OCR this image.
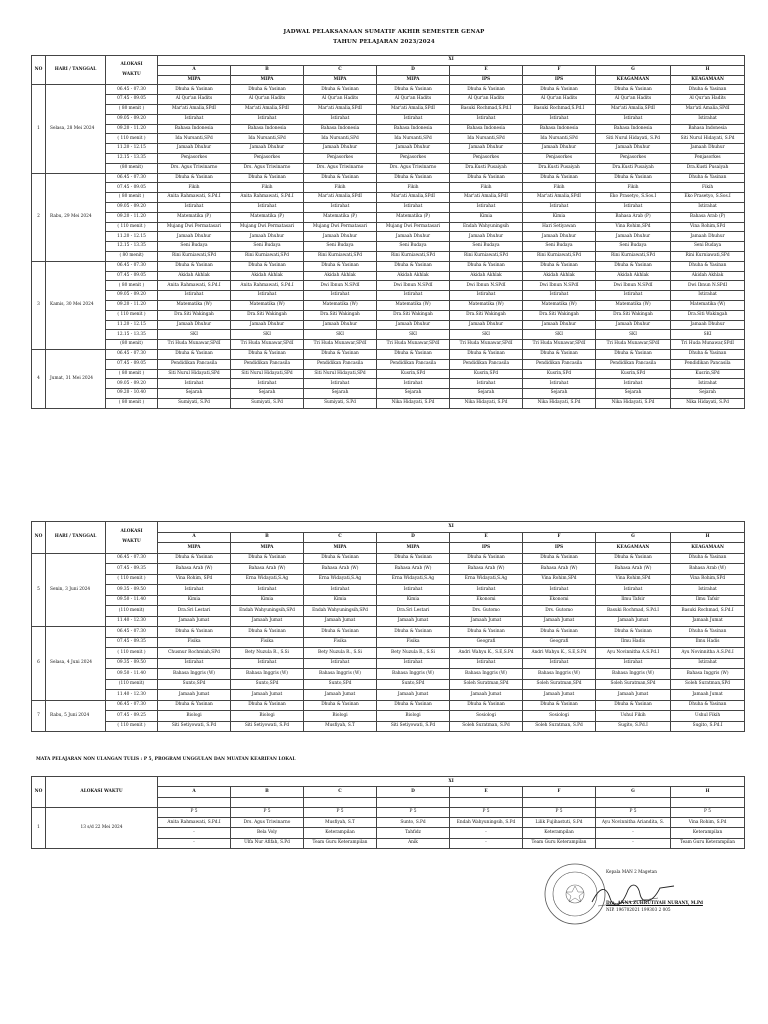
JADWAL PELAKSANAAN SUMATIF AKHIR SEMESTER GENAP
TAHUN PELAJARAN 2023/2024
NO	HARI / TANGGAL	ALOKASI
WAKTU	XI							
			A	B	C	D	E	F	G	H
			MIPA	MIPA	MIPA	MIPA	IPS	IPS	KEAGAMAAN	KEAGAMAAN
1	Selasa, 28 Mei 2024	06.45 - 07.30	Dhuha & Yasinan	Dhuha & Yasinan	Dhuha & Yasinan	Dhuha & Yasinan	Dhuha & Yasinan	Dhuha & Yasinan	Dhuha & Yasinan	Dhuha & Yasinan
		07.45 - 09.05	Al Qur'an Hadits	Al Qur'an Hadits	Al Qur'an Hadits	Al Qur'an Hadits	Al Qur'an Hadits	Al Qur'an Hadits	Al Qur'an Hadits	Al Qur'an Hadits
		( 80 menit )	Mar'ati Amalia,SPdI	Mar'ati Amalia,SPdI	Mar'ati Amalia,SPdI	Mar'ati Amalia,SPdI	Basuki Rochmad,S.Pd.I	Basuki Rochmad,S.Pd.I	Mar'ati Amalia,SPdI	Mar'ati Amalia,SPdI
		09.05 - 09.20	Istirahat	Istirahat	Istirahat	Istirahat	Istirahat	Istirahat	Istirahat	Istirahat
		09.20 - 11.20	Bahasa Indonesia	Bahasa Indonesia	Bahasa Indonesia	Bahasa Indonesia	Bahasa Indonesia	Bahasa Indonesia	Bahasa Indonesia	Bahasa Indonesia
		( 110 menit )	Ida Nursanti,SPd	Ida Nursanti,SPd	Ida Nursanti,SPd	Ida Nursanti,SPd	Ida Nursanti,SPd	Ida Nursanti,SPd	Siti Nurul Hidayati, S.Pd	Siti Nurul Hidayati, S.Pd
		11.20 - 12.15	Jamaah Dhuhur	Jamaah Dhuhur	Jamaah Dhuhur	Jamaah Dhuhur	Jamaah Dhuhur	Jamaah Dhuhur	Jamaah Dhuhur	Jamaah Dhuhur
		12.15 - 13.35	Penjasorkes	Penjasorkes	Penjasorkes	Penjasorkes	Penjasorkes	Penjasorkes	Penjasorkes	Penjasorkes
		(80 menit)	Drs. Agus Triwinarno	Drs. Agus Triwinarno	Drs. Agus Triwinarno	Drs. Agus Triwinarno	Dra.Kusti Pusaiyah	Dra.Kusti Pusaiyah	Dra.Kusti Pusaiyah	Dra.Kusti Pusaiyah
2	Rabu, 29 Mei 2024	06.45 - 07.30	Dhuha & Yasinan	Dhuha & Yasinan	Dhuha & Yasinan	Dhuha & Yasinan	Dhuha & Yasinan	Dhuha & Yasinan	Dhuha & Yasinan	Dhuha & Yasinan
		07.45 - 09.05	Fikih	Fikih	Fikih	Fikih	Fikih	Fikih	Fikih	Fikih
		( 80 menit )	Anita Rahmawati, S.Pd.I	Anita Rahmawati, S.Pd.I	Mar'ati Amalia,SPdI	Mar'ati Amalia,SPdI	Mar'ati Amalia,SPdI	Mar'ati Amalia,SPdI	Eko Prasetyo, S.Sos.I	Eko Prasetyo, S.Sos.I
		09.05 - 09.20	Istirahat	Istirahat	Istirahat	Istirahat	Istirahat	Istirahat	Istirahat	Istirahat
		09.20 - 11.20	Matematika (P)	Matematika (P)	Matematika (P)	Matematika (P)	Kimia	Kimia	Bahasa Arab (P)	Bahasa Arab (P)
		( 110 menit )	Mujang Dwi Permatasari	Mujang Dwi Permatasari	Mujang Dwi Permatasari	Mujang Dwi Permatasari	Endah Wahyuningsih	Hari Setiyawan	Vina Rohim,SPd	Vina Rohim,SPd
		11.20 - 12.15	Jamaah Dhuhur	Jamaah Dhuhur	Jamaah Dhuhur	Jamaah Dhuhur	Jamaah Dhuhur	Jamaah Dhuhur	Jamaah Dhuhur	Jamaah Dhuhur
		12.15 - 13.35	Seni Budaya	Seni Budaya	Seni Budaya	Seni Budaya	Seni Budaya	Seni Budaya	Seni Budaya	Seni Budaya
		( 80 menit)	Rini Kurniawati,SPd	Rini Kurniawati,SPd	Rini Kurniawati,SPd	Rini Kurniawati,SPd	Rini Kurniawati,SPd	Rini Kurniawati,SPd	Rini Kurniawati,SPd	Rini Kurniawati,SPd
3	Kamis, 30 Mei 2024	06.45 - 07.30	Dhuha & Yasinan	Dhuha & Yasinan	Dhuha & Yasinan	Dhuha & Yasinan	Dhuha & Yasinan	Dhuha & Yasinan	Dhuha & Yasinan	Dhuha & Yasinan
		07.45 - 09.05	Akidah Akhlak	Akidah Akhlak	Akidah Akhlak	Akidah Akhlak	Akidah Akhlak	Akidah Akhlak	Akidah Akhlak	Akidah Akhlak
		( 80 menit )	Anita Rahmawati, S.Pd.I	Anita Rahmawati, S.Pd.I	Dwi Ibnun N.SPdI	Dwi Ibnun N.SPdI	Dwi Ibnun N.SPdI	Dwi Ibnun N.SPdI	Dwi Ibnun N.SPdI	Dwi Ibnun N.SPdI
		09.05 - 09.20	Istirahat	Istirahat	Istirahat	Istirahat	Istirahat	Istirahat	Istirahat	Istirahat
		09.20 - 11.20	Matematika (W)	Matematika (W)	Matematika (W)	Matematika (W)	Matematika (W)	Matematika (W)	Matematika (W)	Matematika (W)
		( 110 menit )	Dra.Siti Wakingah	Dra.Siti Wakingah	Dra.Siti Wakingah	Dra.Siti Wakingah	Dra.Siti Wakingah	Dra.Siti Wakingah	Dra.Siti Wakingah	Dra.Siti Wakingah
		11.20 - 12.15	Jamaah Dhuhur	Jamaah Dhuhur	Jamaah Dhuhur	Jamaah Dhuhur	Jamaah Dhuhur	Jamaah Dhuhur	Jamaah Dhuhur	Jamaah Dhuhur
		12.15 - 13.35	SKI	SKI	SKI	SKI	SKI	SKI	SKI	SKI
		(80 menit)	Tri Huda Munawar,SPdI	Tri Huda Munawar,SPdI	Tri Huda Munawar,SPdI	Tri Huda Munawar,SPdI	Tri Huda Munawar,SPdI	Tri Huda Munawar,SPdI	Tri Huda Munawar,SPdI	Tri Huda Munawar,SPdI
4	Jumat, 31 Mei 2024	06.45 - 07.30	Dhuha & Yasinan	Dhuha & Yasinan	Dhuha & Yasinan	Dhuha & Yasinan	Dhuha & Yasinan	Dhuha & Yasinan	Dhuha & Yasinan	Dhuha & Yasinan
		07.45 - 09.05	Pendidikan Pancasila	Pendidikan Pancasila	Pendidikan Pancasila	Pendidikan Pancasila	Pendidikan Pancasila	Pendidikan Pancasila	Pendidikan Pancasila	Pendidikan Pancasila
		( 80 menit )	Siti Nurul Hidayati,SPd	Siti Nurul Hidayati,SPd	Siti Nurul Hidayati,SPd	Kusrin,SPd	Kusrin,SPd	Kusrin,SPd	Kusrin,SPd	Kusrin,SPd
		09.05 - 09.20	Istirahat	Istirahat	Istirahat	Istirahat	Istirahat	Istirahat	Istirahat	Istirahat
		09.20 - 10.40	Sejarah	Sejarah	Sejarah	Sejarah	Sejarah	Sejarah	Sejarah	Sejarah
		( 80 menit )	Sumiyati, S.Pd	Sumiyati, S.Pd	Sumiyati, S.Pd	Nika Hidayati, S.Pd	Nika Hidayati, S.Pd	Nika Hidayati, S.Pd	Nika Hidayati, S.Pd	Nika Hidayati, S.Pd
NO	HARI / TANGGAL	ALOKASI
WAKTU	XI							
			A	B	C	D	E	F	G	H
			MIPA	MIPA	MIPA	MIPA	IPS	IPS	KEAGAMAAN	KEAGAMAAN
5	Senin, 3 Juni 2024	06.45 - 07.30	Dhuha & Yasinan	Dhuha & Yasinan	Dhuha & Yasinan	Dhuha & Yasinan	Dhuha & Yasinan	Dhuha & Yasinan	Dhuha & Yasinan	Dhuha & Yasinan
		07.45 - 09.35	Bahasa Arab (W)	Bahasa Arab (W)	Bahasa Arab (W)	Bahasa Arab (W)	Bahasa Arab (W)	Bahasa Arab (W)	Bahasa Arab (W)	Bahasa Arab (W)
		( 110 menit )	Vina Rohim, SPd	Erna Widayati,S.Ag	Erna Widayati,S.Ag	Erna Widayati,S.Ag	Erna Widayati,S.Ag	Vina Rohim,SPd	Vina Rohim,SPd	Vina Rohim,SPd
		09.35 - 09.50	Istirahat	Istirahat	Istirahat	Istirahat	Istirahat	Istirahat	Istirahat	Istirahat
		09.50 - 11.40	Kimia	Kimia	Kimia	Kimia	Ekonomi	Ekonomi	Ilmu Tafsir	Ilmu Tafsir
		(110 menit)	Dra.Sri Lestari	Endah Wahyuningsih,SPd	Endah Wahyuningsih,SPd	Dra.Sri Lestari	Drs. Gutomo	Drs. Gutomo	Basuki Rochmad, S.Pd.I	Basuki Rochmad, S.Pd.I
		11.40 - 12.30	Jamaah Jumat	Jamaah Jumat	Jamaah Jumat	Jamaah Jumat	Jamaah Jumat	Jamaah Jumat	Jamaah Jumat	Jamaah Jumat
6	Selasa, 4 Juni 2024	06.45 - 07.30	Dhuha & Yasinan	Dhuha & Yasinan	Dhuha & Yasinan	Dhuha & Yasinan	Dhuha & Yasinan	Dhuha & Yasinan	Dhuha & Yasinan	Dhuha & Yasinan
		07.45 - 09.35	Fisika	Fisika	Fisika	Fisika	Geografi	Geografi	Ilmu Hadis	Ilmu Hadis
		( 110 menit )	Chusnur Rochmiah,SPd	Bety Nuzula R., S.Si	Bety Nuzula R., S.Si	Bety Nuzula R., S.Si	Andri Wahyu K., S.E,S.Pd	Andri Wahyu K., S.E,S.Pd	Ayu Novinnitha A.S.Pd.I	Ayu Novinnitha A.S.Pd.I
		09.35 - 09.50	Istirahat	Istirahat	Istirahat	Istirahat	Istirahat	Istirahat	Istirahat	Istirahat
		09.50 - 11.40	Bahasa Inggris (W)	Bahasa Inggris (W)	Bahasa Inggris (W)	Bahasa Inggris (W)	Bahasa Inggris (W)	Bahasa Inggris (W)	Bahasa Inggris (W)	Bahasa Inggris (W)
		(110 menit)	Sunto,SPd	Sunto,SPd	Sunto,SPd	Sunto,SPd	Soleh Suratman,SPd	Soleh Suratman,SPd	Soleh Suratman,SPd	Soleh Suratman,SPd
		11.40 - 12.30	Jamaah Jumat	Jamaah Jumat	Jamaah Jumat	Jamaah Jumat	Jamaah Jumat	Jamaah Jumat	Jamaah Jumat	Jamaah Jumat
7	Rabu, 5 Juni 2024	06.45 - 07.30	Dhuha & Yasinan	Dhuha & Yasinan	Dhuha & Yasinan	Dhuha & Yasinan	Dhuha & Yasinan	Dhuha & Yasinan	Dhuha & Yasinan	Dhuha & Yasinan
		07.45 - 09.25	Biologi	Biologi	Biologi	Biologi	Sosiologi	Sosiologi	Ushul Fikih	Ushul Fikih
		( 110 menit )	Siti Setiyowati, S.Pd	Siti Setiyowati, S.Pd	Musfiyah, S.T	Siti Setiyowati, S.Pd	Soleh Suratman, S.Pd	Soleh Suratman, S.Pd	Sugito, S.Pd.I	Sugito, S.Pd.I
MATA PELAJARAN NON ULANGAN TULIS : P 5, PROGRAM UNGGULAN DAN MUATAN KEARIFAN LOKAL
NO	ALOKASI WAKTU	XI							
		A	B	C	D	E	F	G	H

1	13 s/d 22 Mei 2024	P 5	P 5	P 5	P 5	P 5	P 5	P 5	P 5
		Anita Rahmawati, S.Pd.I	Drs. Agus Triwinarno	Musfiyah, S.T	Sunto, S.Pd	Endah Wahyuningsih, S.Pd	Lilik Fujihastuti, S.Pd	Ayu Novinnitha Ariandita, S.	Vina Rohim, S.Pd
		-	Bela Voly	Keterampilan	Tahfidz	-	Keterampilan	-	Keterampilan
		-	Ulfa Nur Afifah, S.Pd	Team Guru Keterampilan	Anik	-	Team Guru Keterampilan	-	Team Guru Keterampilan
Kepala MAN 2 Magetan
Dra. ANNA ZUHRUTIYAH NURANY, M.Pd
NIP. 196702021 199303 2 005
